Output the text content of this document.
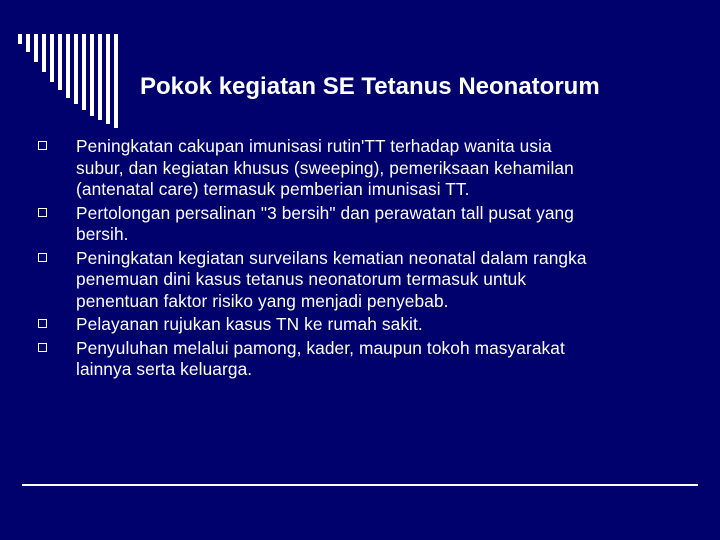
Pokok kegiatan SE Tetanus Neonatorum
Peningkatan cakupan imunisasi rutin'TT terhadap wanita usia subur, dan kegiatan khusus (sweeping), pemeriksaan kehamilan (antenatal care) termasuk pemberian imunisasi TT.
Pertolongan persalinan "3 bersih" dan perawatan tall pusat yang bersih.
Peningkatan kegiatan surveilans kematian neonatal dalam rangka penemuan dini kasus tetanus neonatorum termasuk untuk penentuan faktor risiko yang menjadi penyebab.
Pelayanan rujukan kasus TN ke rumah sakit.
Penyuluhan melalui pamong, kader, maupun tokoh masyarakat lainnya serta keluarga.
